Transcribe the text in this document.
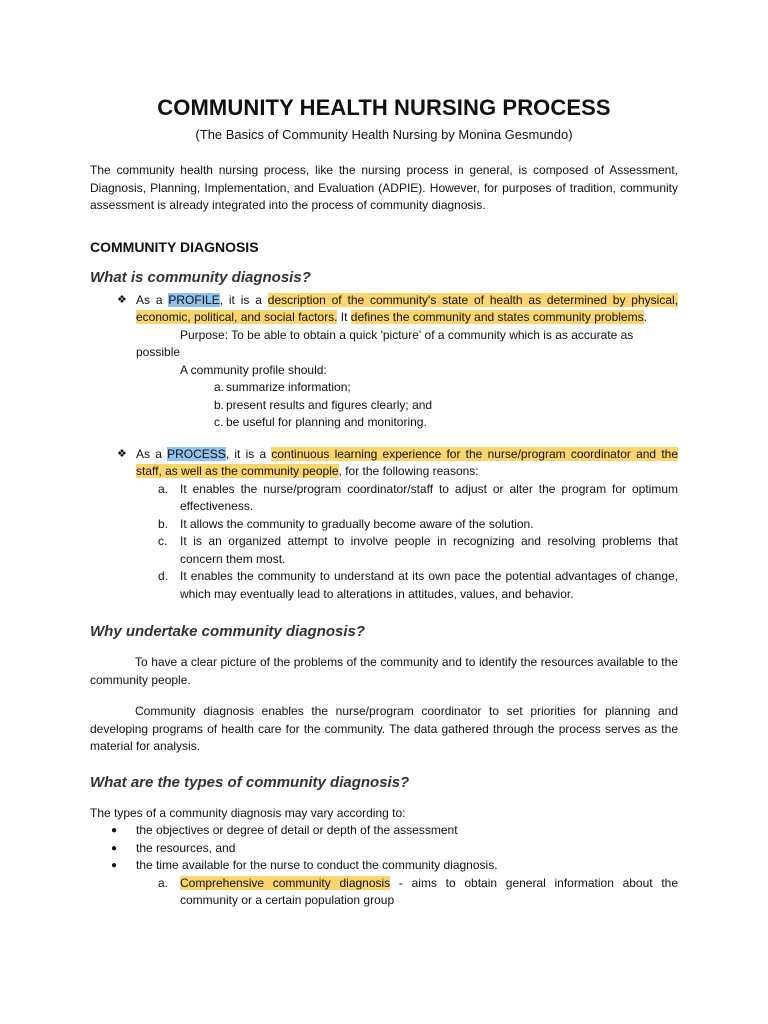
COMMUNITY HEALTH NURSING PROCESS

(The Basics of Community Health Nursing by Monina Gesmundo)

The community health nursing process, like the nursing process in general, is composed of Assessment, Diagnosis, Planning, Implementation, and Evaluation (ADPIE). However, for purposes of tradition, community assessment is already integrated into the process of community diagnosis.

COMMUNITY DIAGNOSIS
What is community diagnosis?
❖ As a PROFILE, it is a description of the community's state of health as determined by physical, economic, political, and social factors. It defines the community and states community problems.
Purpose: To be able to obtain a quick 'picture' of a community which is as accurate as
possible
A community profile should:
a. summarize information;
b. present results and figures clearly; and
c. be useful for planning and monitoring.
❖ As a PROCESS, it is a continuous learning experience for the nurse/program coordinator and the staff, as well as the community people, for the following reasons:
a. It enables the nurse/program coordinator/staff to adjust or alter the program for optimum effectiveness.
b. It allows the community to gradually become aware of the solution.
c. It is an organized attempt to involve people in recognizing and resolving problems that concern them most.
d. It enables the community to understand at its own pace the potential advantages of change, which may eventually lead to alterations in attitudes, values, and behavior.
Why undertake community diagnosis?

To have a clear picture of the problems of the community and to identify the resources available to the community people.

Community diagnosis enables the nurse/program coordinator to set priorities for planning and developing programs of health care for the community. The data gathered through the process serves as the material for analysis.

What are the types of community diagnosis?

The types of a community diagnosis may vary according to:

● the objectives or degree of detail or depth of the assessment
● the resources, and
● the time available for the nurse to conduct the community diagnosis.
a. Comprehensive community diagnosis - aims to obtain general information about the community or a certain population group
